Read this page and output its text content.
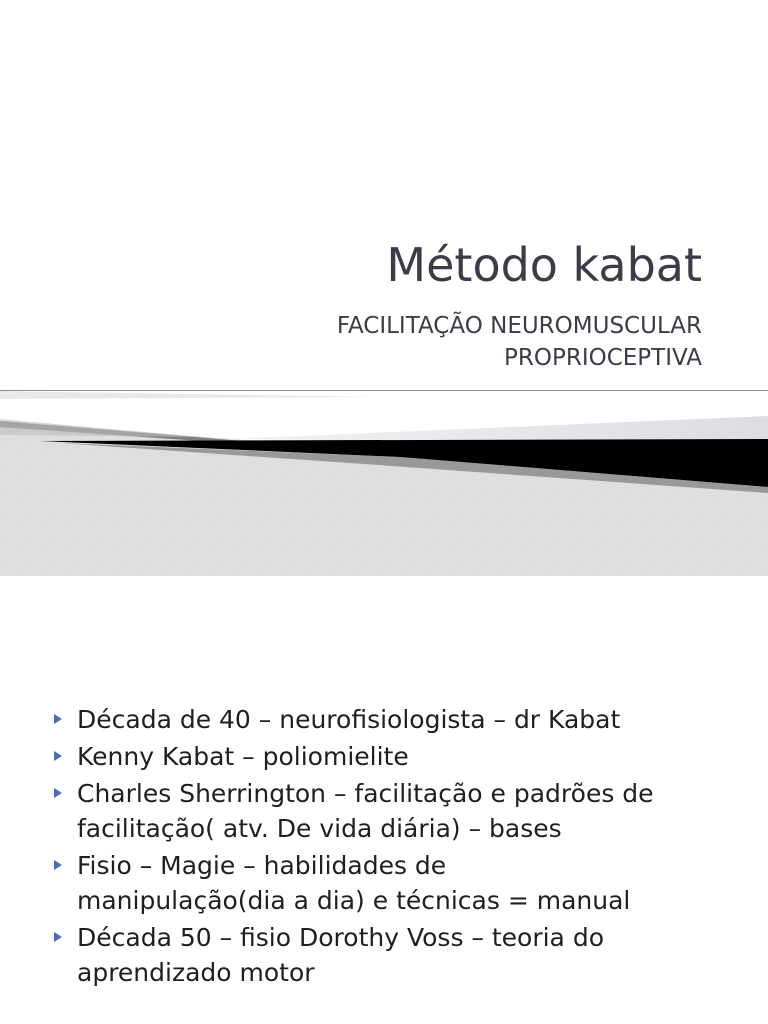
Método kabat

FACILITAÇÃO NEUROMUSCULAR
PROPRIOCEPTIVA

Década de 40 – neurofisiologista – dr Kabat
Kenny Kabat – poliomielite
Charles Sherrington – facilitação e padrões de
facilitação( atv. De vida diária) – bases
Fisio – Magie – habilidades de
manipulação(dia a dia) e técnicas = manual
Década 50 – fisio Dorothy Voss – teoria do
aprendizado motor
